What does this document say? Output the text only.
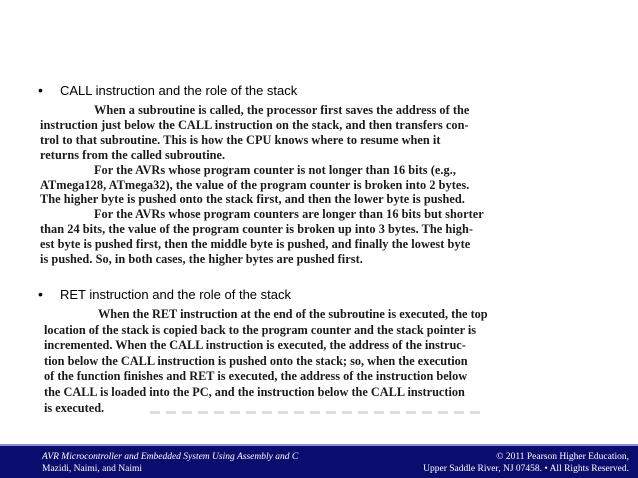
•	CALL instruction and the role of the stack
When a subroutine is called, the processor first saves the address of the
instruction just below the CALL instruction on the stack, and then transfers con-
trol to that subroutine. This is how the CPU knows where to resume when it
returns from the called subroutine.
For the AVRs whose program counter is not longer than 16 bits (e.g.,
ATmega128, ATmega32), the value of the program counter is broken into 2 bytes.
The higher byte is pushed onto the stack first, and then the lower byte is pushed.
For the AVRs whose program counters are longer than 16 bits but shorter
than 24 bits, the value of the program counter is broken up into 3 bytes. The high-
est byte is pushed first, then the middle byte is pushed, and finally the lowest byte
is pushed. So, in both cases, the higher bytes are pushed first.
•	RET instruction and the role of the stack
When the RET instruction at the end of the subroutine is executed, the top
location of the stack is copied back to the program counter and the stack pointer is
incremented. When the CALL instruction is executed, the address of the instruc-
tion below the CALL instruction is pushed onto the stack; so, when the execution
of the function finishes and RET is executed, the address of the instruction below
the CALL is loaded into the PC, and the instruction below the CALL instruction
is executed.
AVR Microcontroller and Embedded System Using Assembly and C
Mazidi, Naimi, and Naimi
© 2011 Pearson Higher Education,
Upper Saddle River, NJ 07458. • All Rights Reserved.
